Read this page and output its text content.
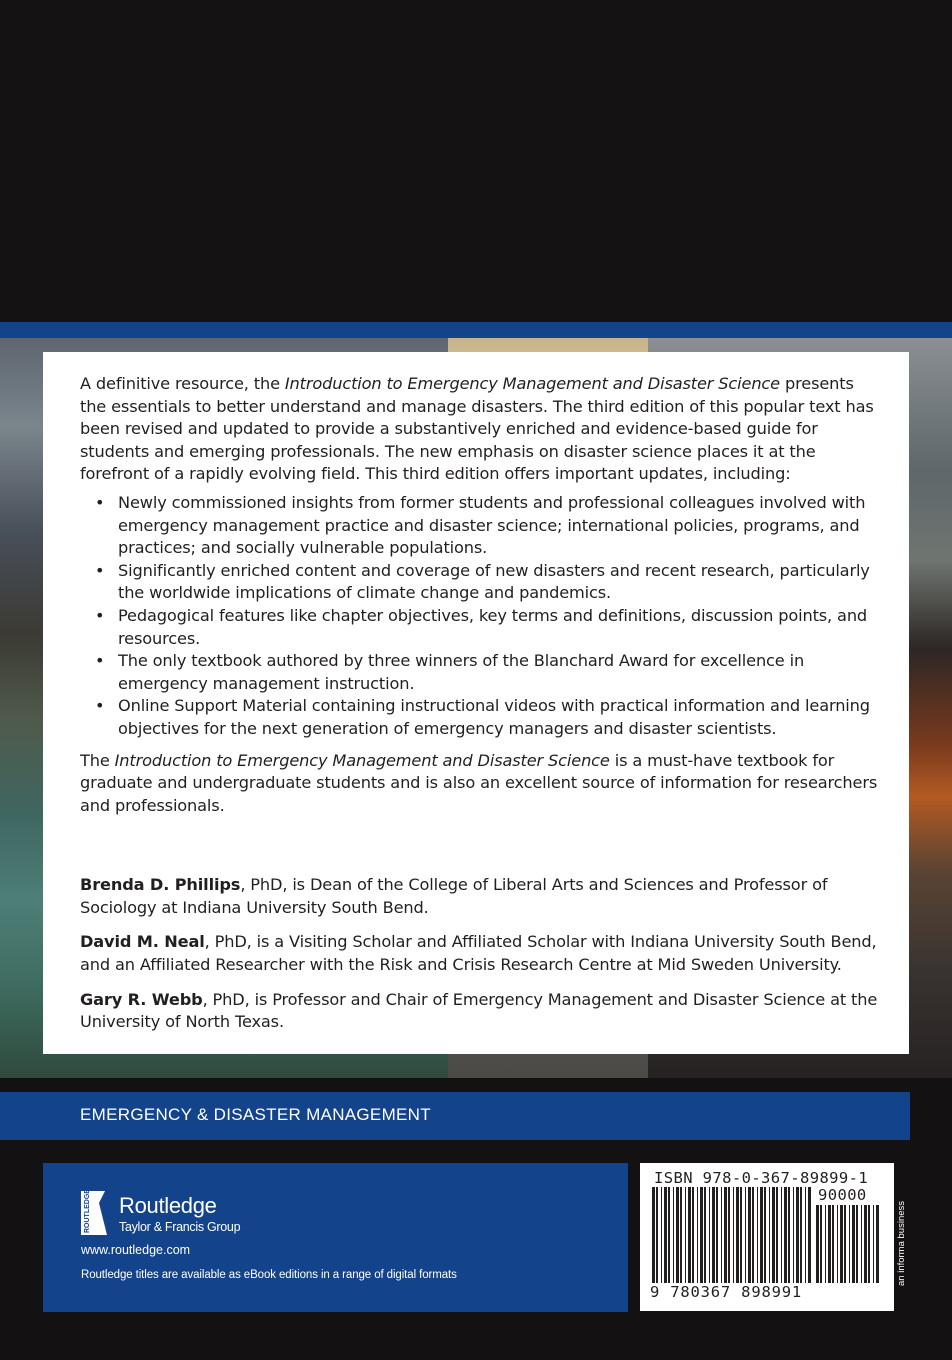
A definitive resource, the Introduction to Emergency Management and Disaster Science presents the essentials to better understand and manage disasters. The third edition of this popular text has been revised and updated to provide a substantively enriched and evidence-based guide for students and emerging professionals. The new emphasis on disaster science places it at the forefront of a rapidly evolving field. This third edition offers important updates, including:

• Newly commissioned insights from former students and professional colleagues involved with emergency management practice and disaster science; international policies, programs, and practices; and socially vulnerable populations.
• Significantly enriched content and coverage of new disasters and recent research, particularly the worldwide implications of climate change and pandemics.
• Pedagogical features like chapter objectives, key terms and definitions, discussion points, and resources.
• The only textbook authored by three winners of the Blanchard Award for excellence in emergency management instruction.
• Online Support Material containing instructional videos with practical information and learning objectives for the next generation of emergency managers and disaster scientists.

The Introduction to Emergency Management and Disaster Science is a must-have textbook for graduate and undergraduate students and is also an excellent source of information for researchers and professionals.

Brenda D. Phillips, PhD, is Dean of the College of Liberal Arts and Sciences and Professor of Sociology at Indiana University South Bend.

David M. Neal, PhD, is a Visiting Scholar and Affiliated Scholar with Indiana University South Bend, and an Affiliated Researcher with the Risk and Crisis Research Centre at Mid Sweden University.

Gary R. Webb, PhD, is Professor and Chair of Emergency Management and Disaster Science at the University of North Texas.

EMERGENCY & DISASTER MANAGEMENT
ROUTLEDGE Routledge
Taylor & Francis Group
www.routledge.com
Routledge titles are available as eBook editions in a range of digital formats
ISBN 978-0-367-89899-1
90000
9 780367 898991
an informa business
